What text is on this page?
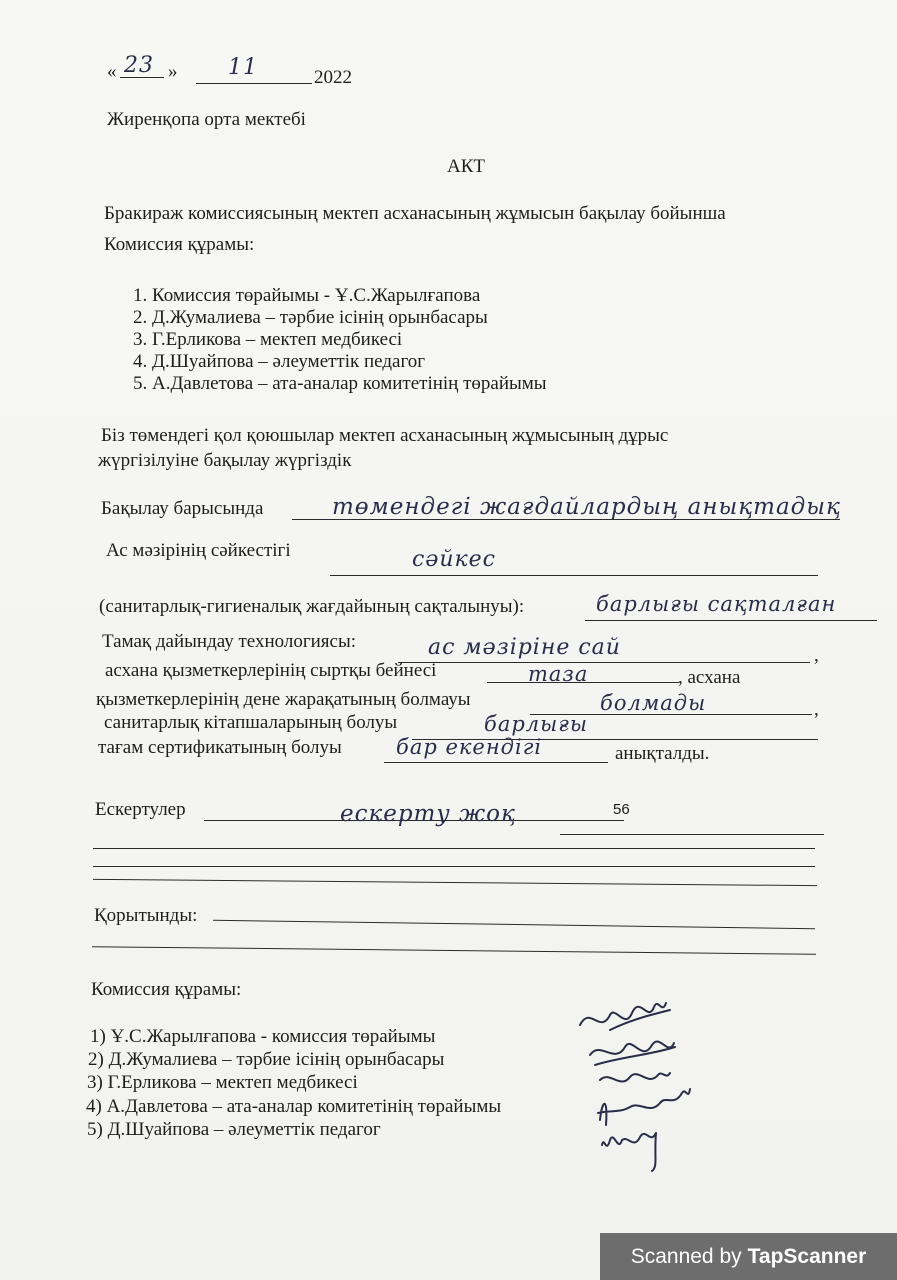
« 23 » 11	2022
Жиренқопа орта мектебі
АКТ
Бракираж комиссиясының мектеп асханасының жұмысын бақылау бойынша
Комиссия құрамы:
1. Комиссия төрайымы - Ұ.С.Жарылғапова
2. Д.Жумалиева – тәрбие ісінің орынбасары
3. Г.Ерликова – мектеп медбикесі
4. Д.Шуайпова – әлеуметтік педагог
5. А.Давлетова – ата-аналар комитетінің төрайымы
Біз төмендегі қол қоюшылар мектеп асханасының жұмысының дұрыс
жүргізілуіне бақылау жүргіздік
Бақылау барысында	төмендегі жағдайлардың анықтадық
Ас мәзірінің сәйкестігі	сәйкес
(санитарлық-гигиеналық жағдайының сақталынуы):	барлығы сақталған
Тамақ дайындау технологиясы:	ас мәзіріне сай	,
асхана қызметкерлерінің сыртқы бейнесі	таза	, асхана
қызметкерлерінің дене жарақатының болмауы	болмады	,
санитарлық кітапшаларының болуы	барлығы
тағам сертификатының болуы	бар екендігі	анықталды.
Ескертулер	ескерту жоқ	56
Қорытынды:
Комиссия құрамы:
1) Ұ.С.Жарылғапова - комиссия төрайымы
2) Д.Жумалиева – тәрбие ісінің орынбасары
3) Г.Ерликова – мектеп медбикесі
4) А.Давлетова – ата-аналар комитетінің төрайымы
5) Д.Шуайпова – әлеуметтік педагог
Scanned by TapScanner
